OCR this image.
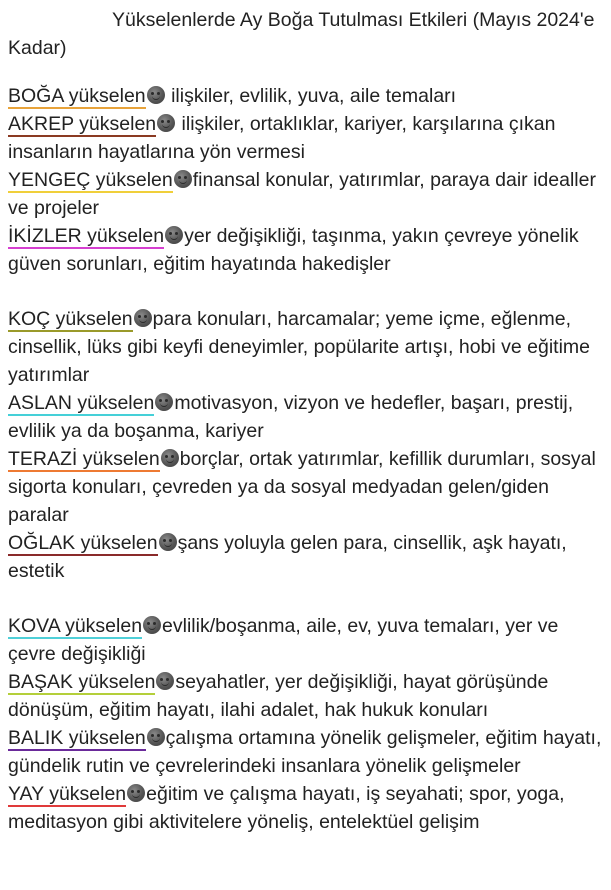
Yükselenlerde Ay Boğa Tutulması Etkileri (Mayıs 2024'e Kadar)

BOĞA yükselen ilişkiler, evlilik, yuva, aile temaları

AKREP yükselen ilişkiler, ortaklıklar, kariyer, karşılarına çıkan insanların hayatlarına yön vermesi

YENGEÇ yükselen finansal konular, yatırımlar, paraya dair idealler ve projeler

İKİZLER yükselen yer değişikliği, taşınma, yakın çevreye yönelik güven sorunları, eğitim hayatında hakedişler

KOÇ yükselen para konuları, harcamalar; yeme içme, eğlenme, cinsellik, lüks gibi keyfi deneyimler, popülarite artışı, hobi ve eğitime yatırımlar

ASLAN yükselen motivasyon, vizyon ve hedefler, başarı, prestij, evlilik ya da boşanma, kariyer

TERAZİ yükselen borçlar, ortak yatırımlar, kefillik durumları, sosyal sigorta konuları, çevreden ya da sosyal medyadan gelen/giden paralar

OĞLAK yükselen şans yoluyla gelen para, cinsellik, aşk hayatı, estetik

KOVA yükselen evlilik/boşanma, aile, ev, yuva temaları, yer ve çevre değişikliği

BAŞAK yükselen seyahatler, yer değişikliği, hayat görüşünde dönüşüm, eğitim hayatı, ilahi adalet, hak hukuk konuları

BALIK yükselen çalışma ortamına yönelik gelişmeler, eğitim hayatı, gündelik rutin ve çevrelerindeki insanlara yönelik gelişmeler

YAY yükselen eğitim ve çalışma hayatı, iş seyahati; spor, yoga, meditasyon gibi aktivitelere yöneliş, entelektüel gelişim
